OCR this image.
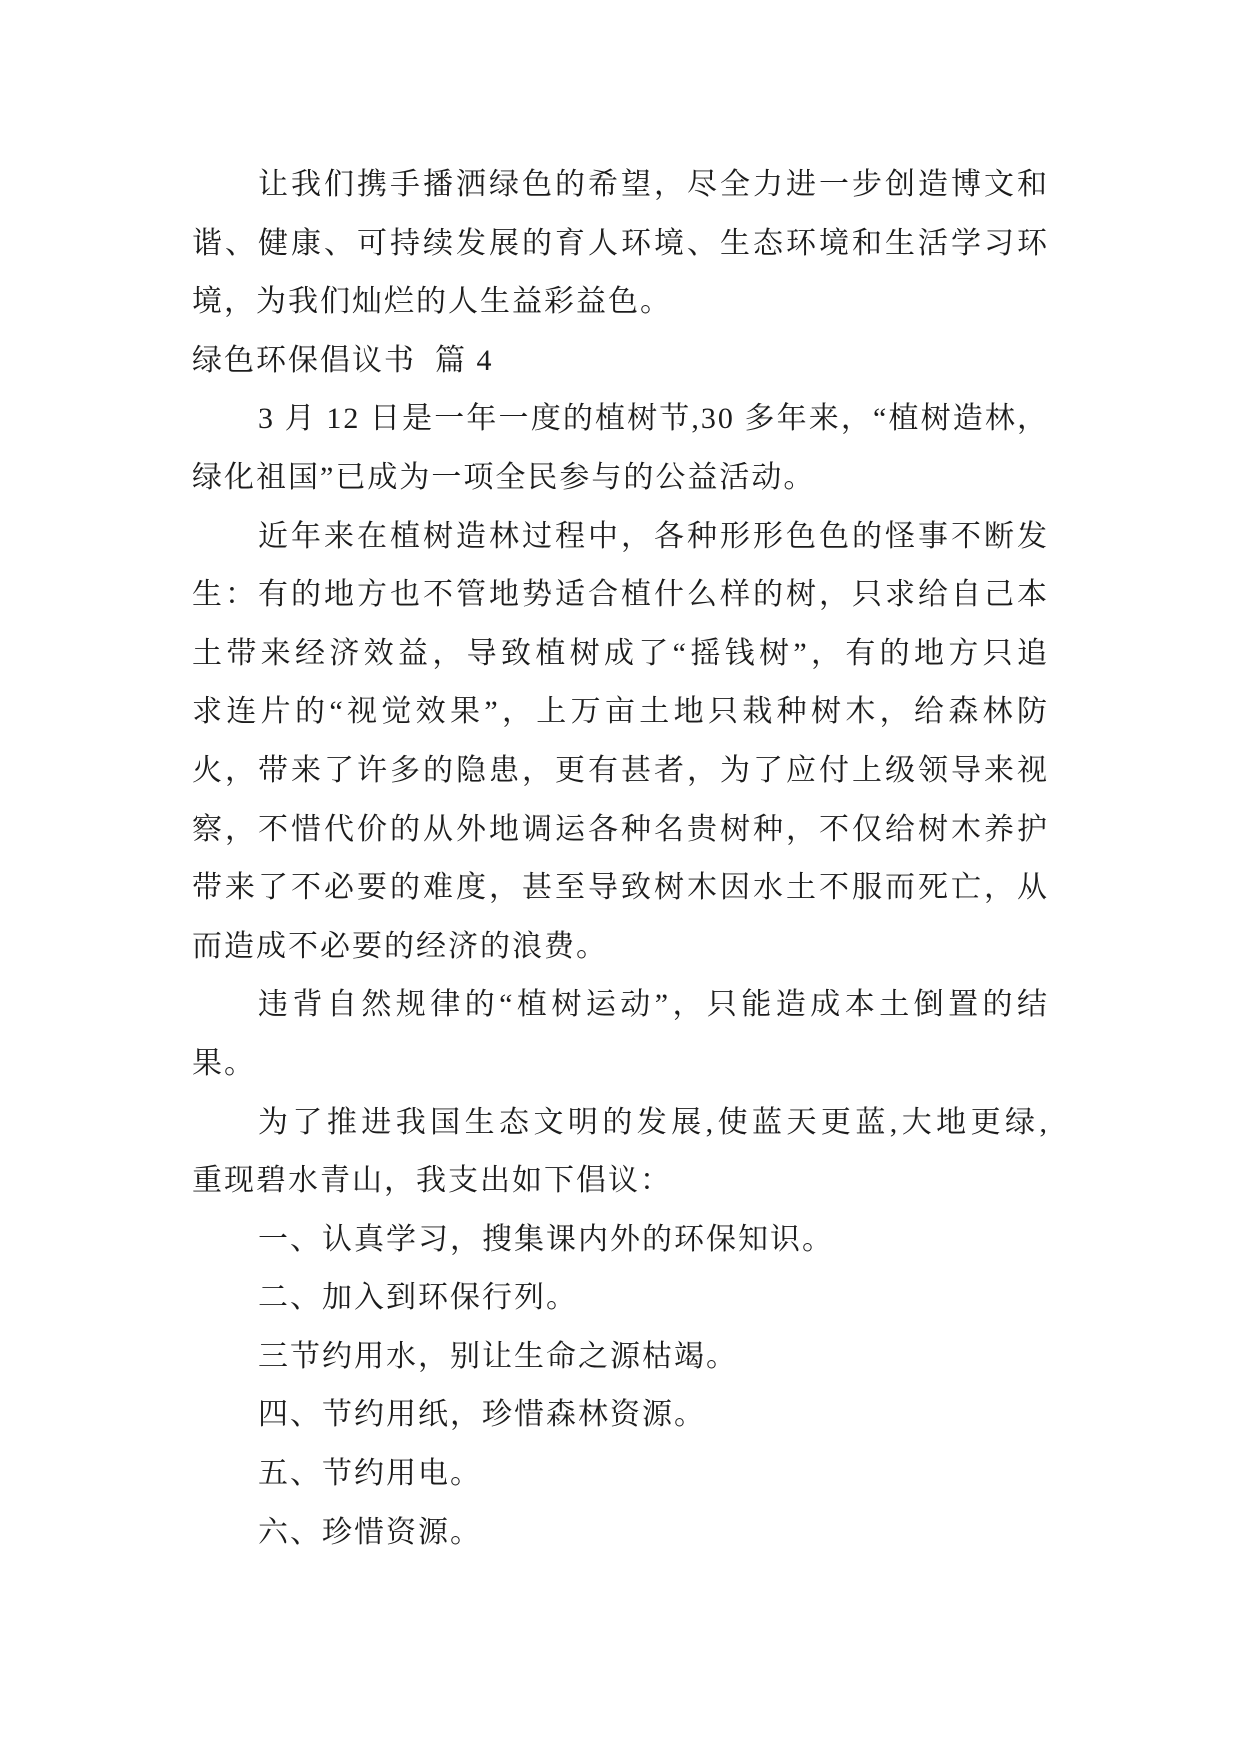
让我们携手播洒绿色的希望，尽全力进一步创造博文和
谐、健康、可持续发展的育人环境、生态环境和生活学习环
境，为我们灿烂的人生益彩益色。
绿色环保倡议书  篇 4
3 月 12 日是一年一度的植树节,30 多年来，“植树造林，
绿化祖国”已成为一项全民参与的公益活动。
近年来在植树造林过程中，各种形形色色的怪事不断发
生：有的地方也不管地势适合植什么样的树，只求给自己本
土带来经济效益，导致植树成了“摇钱树”，有的地方只追
求连片的“视觉效果”，上万亩土地只栽种树木，给森林防
火，带来了许多的隐患，更有甚者，为了应付上级领导来视
察，不惜代价的从外地调运各种名贵树种，不仅给树木养护
带来了不必要的难度，甚至导致树木因水土不服而死亡，从
而造成不必要的经济的浪费。
违背自然规律的“植树运动”，只能造成本土倒置的结
果。
为了推进我国生态文明的发展,使蓝天更蓝,大地更绿,
重现碧水青山，我支出如下倡议：
一、认真学习，搜集课内外的环保知识。
二、加入到环保行列。
三节约用水，别让生命之源枯竭。
四、节约用纸，珍惜森林资源。
五、节约用电。
六、珍惜资源。
